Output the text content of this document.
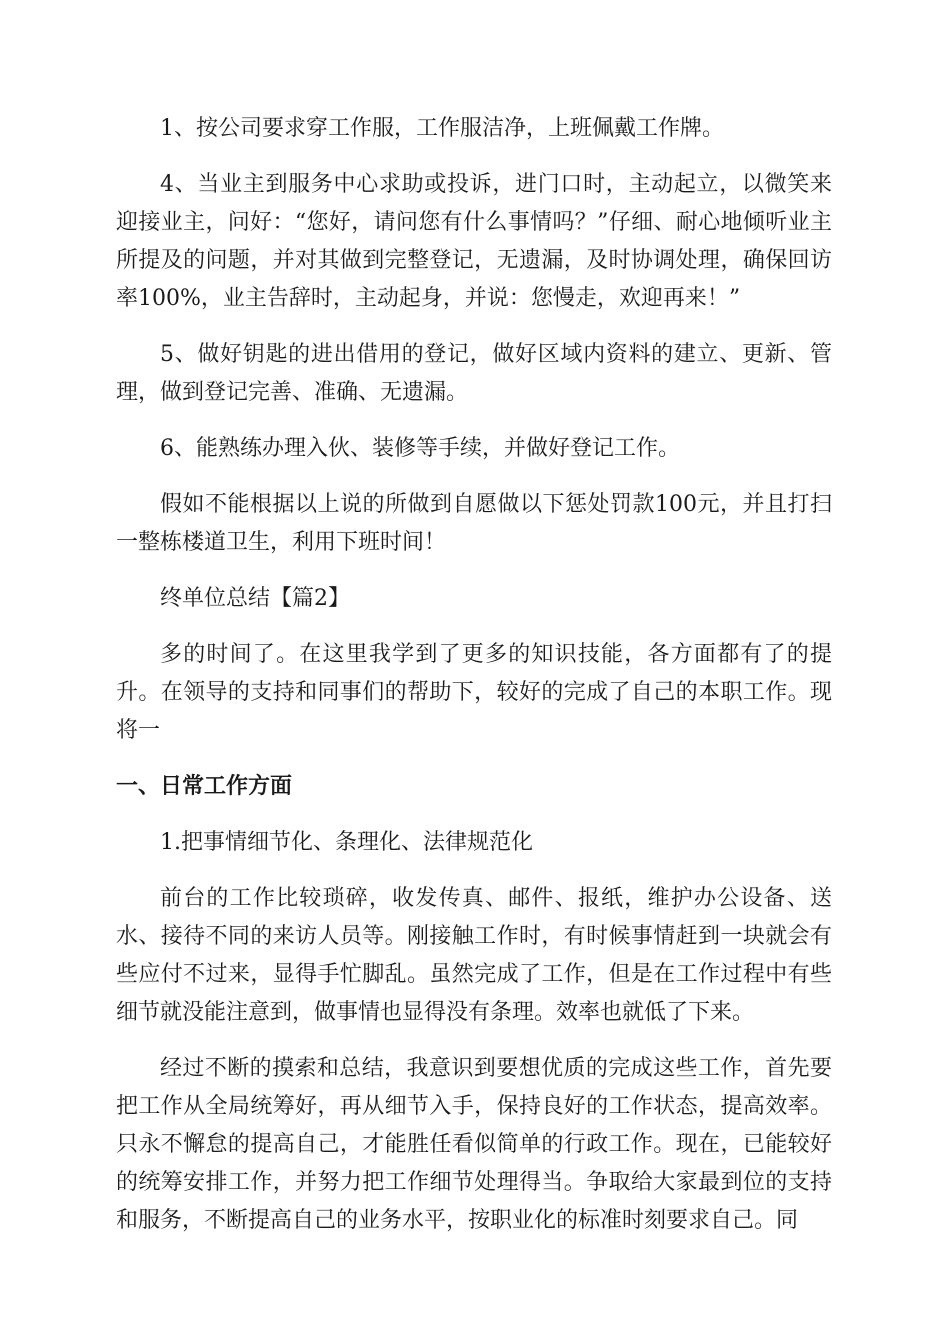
1、按公司要求穿工作服，工作服洁净，上班佩戴工作牌。

4、当业主到服务中心求助或投诉，进门口时，主动起立，以微笑来迎接业主，问好：“您好，请问您有什么事情吗？”仔细、耐心地倾听业主所提及的问题，并对其做到完整登记，无遗漏，及时协调处理，确保回访率100%，业主告辞时，主动起身，并说：您慢走，欢迎再来！”

5、做好钥匙的进出借用的登记，做好区域内资料的建立、更新、管理，做到登记完善、准确、无遗漏。

6、能熟练办理入伙、装修等手续，并做好登记工作。

假如不能根据以上说的所做到自愿做以下惩处罚款100元，并且打扫一整栋楼道卫生，利用下班时间！

终单位总结【篇2】

多的时间了。在这里我学到了更多的知识技能，各方面都有了的提升。在领导的支持和同事们的帮助下，较好的完成了自己的本职工作。现将一

一、日常工作方面

1.把事情细节化、条理化、法律规范化

前台的工作比较琐碎，收发传真、邮件、报纸，维护办公设备、送水、接待不同的来访人员等。刚接触工作时，有时候事情赶到一块就会有些应付不过来，显得手忙脚乱。虽然完成了工作，但是在工作过程中有些细节就没能注意到，做事情也显得没有条理。效率也就低了下来。

经过不断的摸索和总结，我意识到要想优质的完成这些工作，首先要把工作从全局统筹好，再从细节入手，保持良好的工作状态，提高效率。只永不懈怠的提高自己，才能胜任看似简单的行政工作。现在，已能较好的统筹安排工作，并努力把工作细节处理得当。争取给大家最到位的支持和服务，不断提高自己的业务水平，按职业化的标准时刻要求自己。同
